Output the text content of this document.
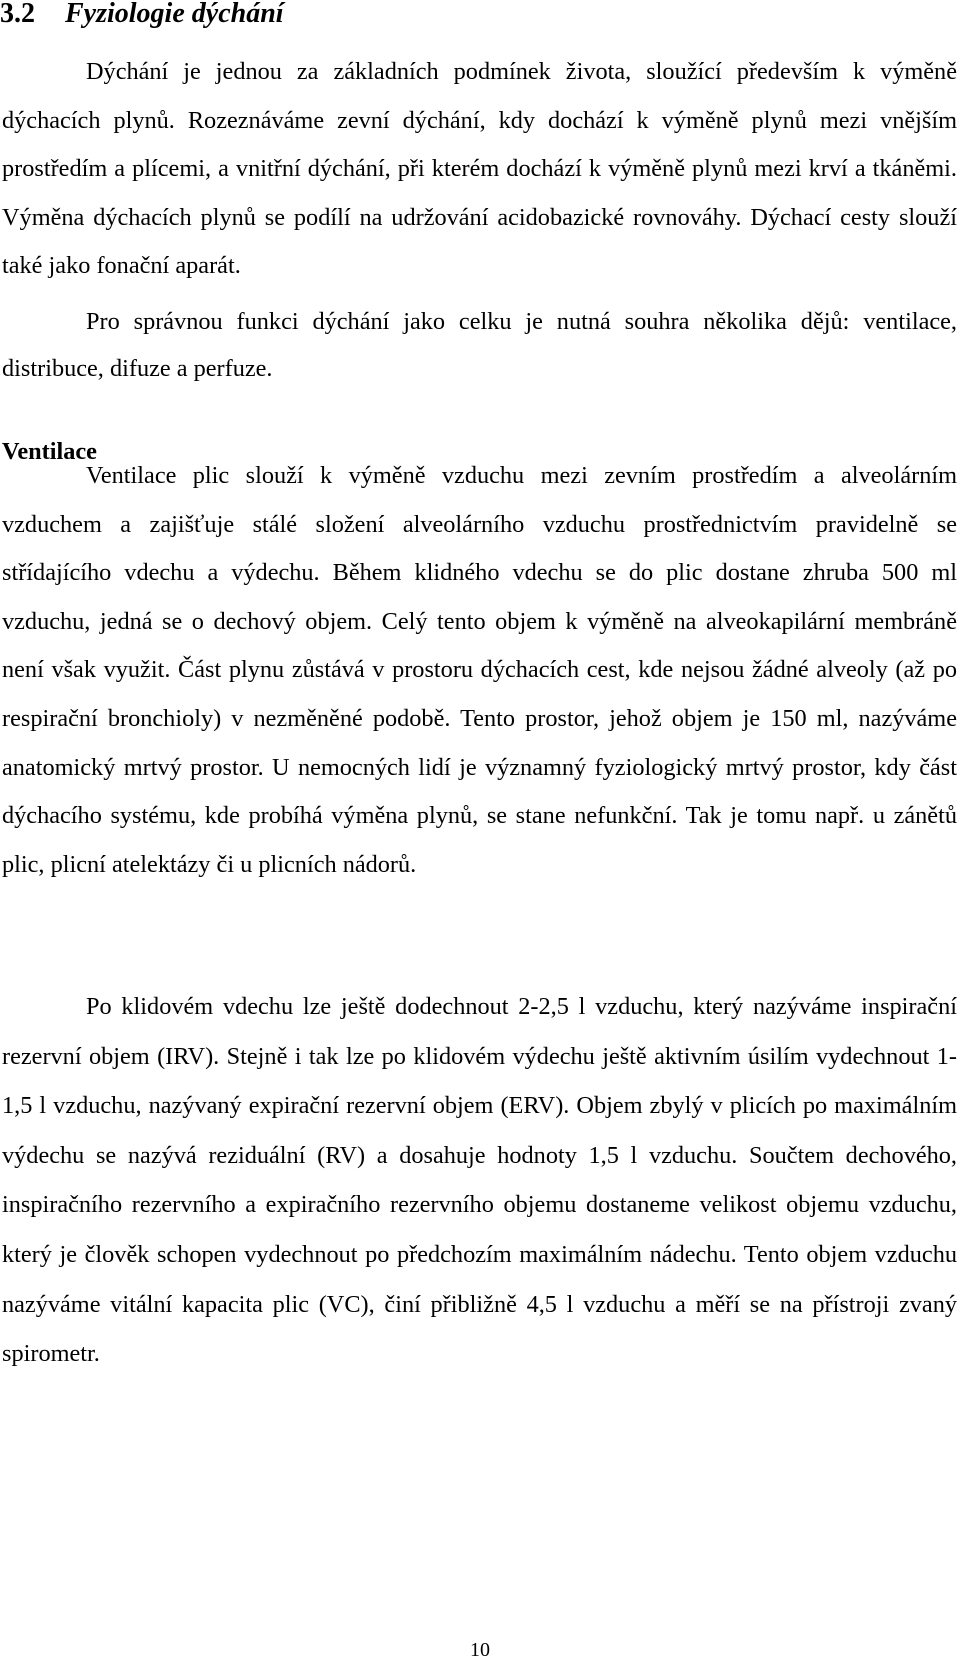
3.2 Fyziologie dýchání

Dýchání je jednou za základních podmínek života, sloužící především k výměně dýchacích plynů. Rozeznáváme zevní dýchání, kdy dochází k výměně plynů mezi vnějším prostředím a plícemi, a vnitřní dýchání, při kterém dochází k výměně plynů mezi krví a tkáněmi. Výměna dýchacích plynů se podílí na udržování acidobazické rovnováhy. Dýchací cesty slouží také jako fonační aparát.

Pro správnou funkci dýchání jako celku je nutná souhra několika dějů: ventilace, distribuce, difuze a perfuze.

Ventilace

Ventilace plic slouží k výměně vzduchu mezi zevním prostředím a alveolárním vzduchem a zajišťuje stálé složení alveolárního vzduchu prostřednictvím pravidelně se střídajícího vdechu a výdechu. Během klidného vdechu se do plic dostane zhruba 500 ml vzduchu, jedná se o dechový objem. Celý tento objem k výměně na alveokapilární membráně není však využit. Část plynu zůstává v prostoru dýchacích cest, kde nejsou žádné alveoly (až po respirační bronchioly) v nezměněné podobě. Tento prostor, jehož objem je 150 ml, nazýváme anatomický mrtvý prostor. U nemocných lidí je významný fyziologický mrtvý prostor, kdy část dýchacího systému, kde probíhá výměna plynů, se stane nefunkční. Tak je tomu např. u zánětů plic, plicní atelektázy či u plicních nádorů.

Po klidovém vdechu lze ještě dodechnout 2-2,5 l vzduchu, který nazýváme inspirační rezervní objem (IRV). Stejně i tak lze po klidovém výdechu ještě aktivním úsilím vydechnout 1-1,5 l vzduchu, nazývaný expirační rezervní objem (ERV). Objem zbylý v plicích po maximálním výdechu se nazývá reziduální (RV) a dosahuje hodnoty 1,5 l vzduchu. Součtem dechového, inspiračního rezervního a expiračního rezervního objemu dostaneme velikost objemu vzduchu, který je člověk schopen vydechnout po předchozím maximálním nádechu. Tento objem vzduchu nazýváme vitální kapacita plic (VC), činí přibližně 4,5 l vzduchu a měří se na přístroji zvaný spirometr.

10
